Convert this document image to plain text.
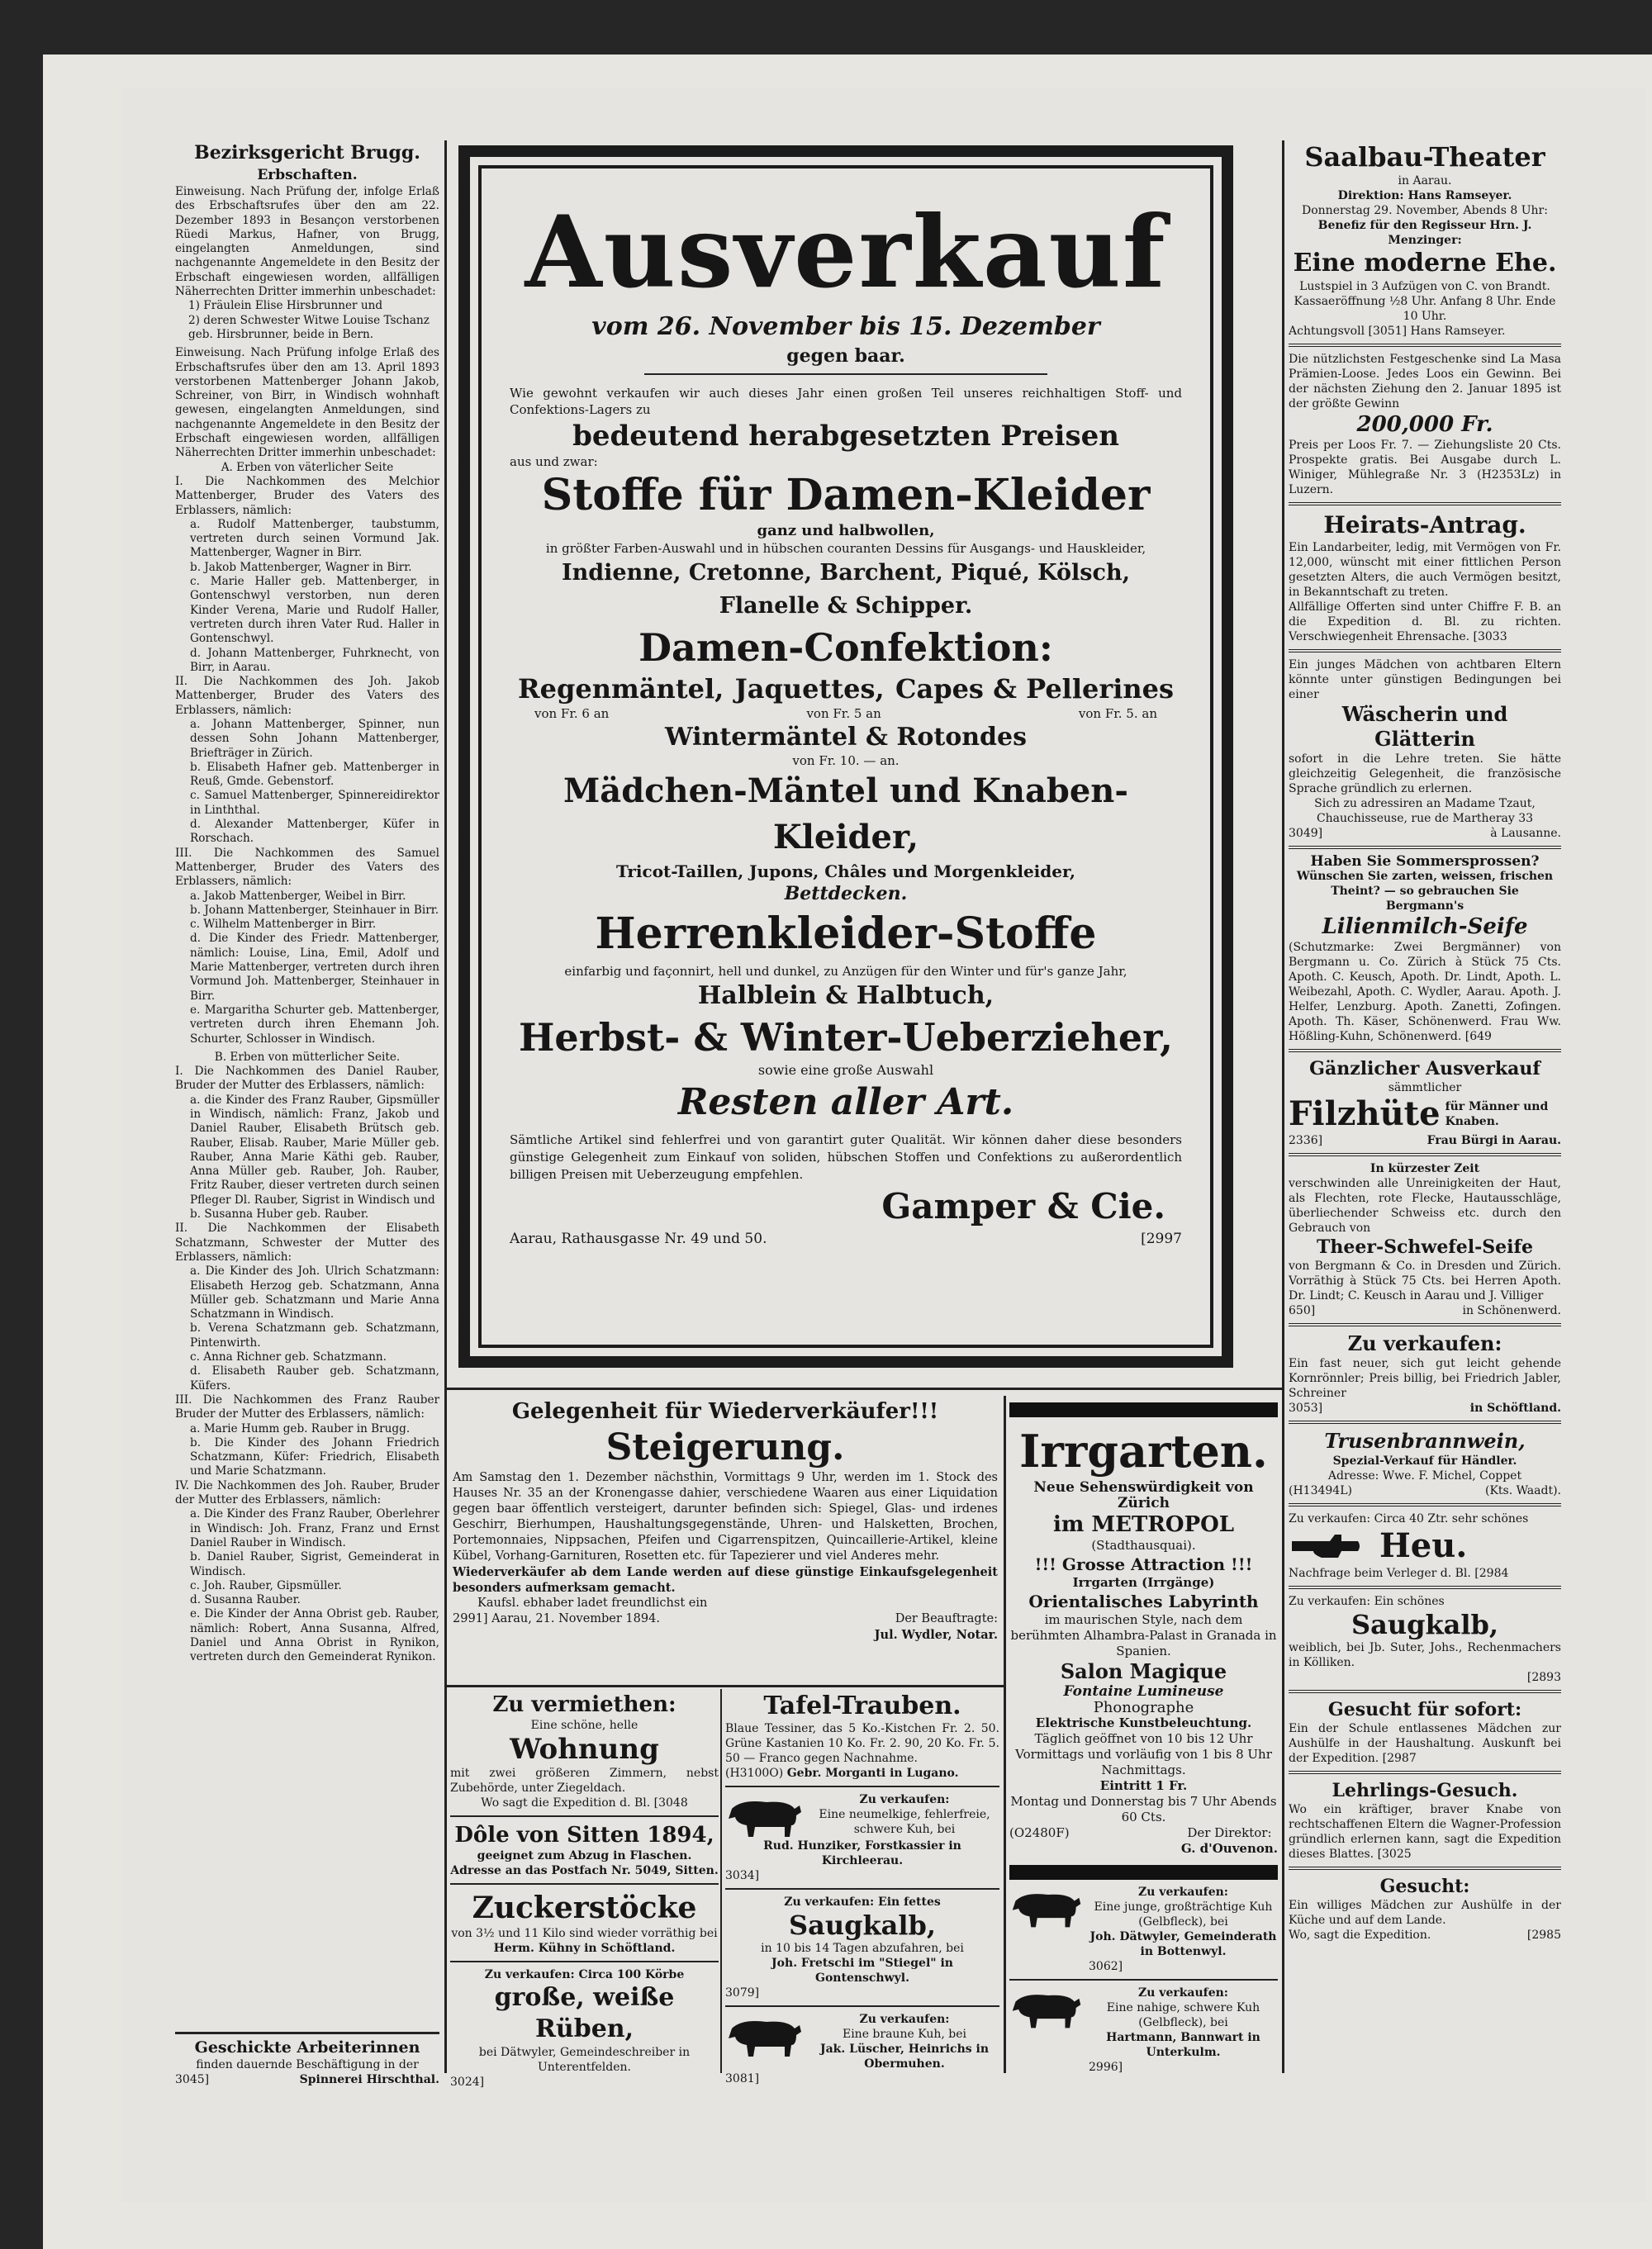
Bezirksgericht Brugg.
Erbschaften.

Einweisung. Nach Prüfung der, infolge Erlaß des Erbschaftsrufes über den am 22. Dezember 1893 in Besançon verstorbenen Rüedi Markus, Hafner, von Brugg, eingelangten Anmeldungen, sind nachgenannte Angemeldete in den Besitz der Erbschaft eingewiesen worden, allfälligen Näherrechten Dritter immerhin unbeschadet:

1) Fräulein Elise Hirsbrunner und

2) deren Schwester Witwe Louise Tschanz geb. Hirsbrunner, beide in Bern.

Einweisung. Nach Prüfung infolge Erlaß des Erbschaftsrufes über den am 13. April 1893 verstorbenen Mattenberger Johann Jakob, Schreiner, von Birr, in Windisch wohnhaft gewesen, eingelangten Anmeldungen, sind nachgenannte Angemeldete in den Besitz der Erbschaft eingewiesen worden, allfälligen Näherrechten Dritter immerhin unbeschadet:

A. Erben von väterlicher Seite

I. Die Nachkommen des Melchior Mattenberger, Bruder des Vaters des Erblassers, nämlich:

a. Rudolf Mattenberger, taubstumm, vertreten durch seinen Vormund Jak. Mattenberger, Wagner in Birr.

b. Jakob Mattenberger, Wagner in Birr.

c. Marie Haller geb. Mattenberger, in Gontenschwyl verstorben, nun deren Kinder Verena, Marie und Rudolf Haller, vertreten durch ihren Vater Rud. Haller in Gontenschwyl.

d. Johann Mattenberger, Fuhrknecht, von Birr, in Aarau.

II. Die Nachkommen des Joh. Jakob Mattenberger, Bruder des Vaters des Erblassers, nämlich:

a. Johann Mattenberger, Spinner, nun dessen Sohn Johann Mattenberger, Briefträger in Zürich.

b. Elisabeth Hafner geb. Mattenberger in Reuß, Gmde. Gebenstorf.

c. Samuel Mattenberger, Spinnereidirektor in Linththal.

d. Alexander Mattenberger, Küfer in Rorschach.

III. Die Nachkommen des Samuel Mattenberger, Bruder des Vaters des Erblassers, nämlich:

a. Jakob Mattenberger, Weibel in Birr.

b. Johann Mattenberger, Steinhauer in Birr.

c. Wilhelm Mattenberger in Birr.

d. Die Kinder des Friedr. Mattenberger, nämlich: Louise, Lina, Emil, Adolf und Marie Mattenberger, vertreten durch ihren Vormund Joh. Mattenberger, Steinhauer in Birr.

e. Margaritha Schurter geb. Mattenberger, vertreten durch ihren Ehemann Joh. Schurter, Schlosser in Windisch.

B. Erben von mütterlicher Seite.

I. Die Nachkommen des Daniel Rauber, Bruder der Mutter des Erblassers, nämlich:

a. die Kinder des Franz Rauber, Gipsmüller in Windisch, nämlich: Franz, Jakob und Daniel Rauber, Elisabeth Brütsch geb. Rauber, Elisab. Rauber, Marie Müller geb. Rauber, Anna Marie Käthi geb. Rauber, Anna Müller geb. Rauber, Joh. Rauber, Fritz Rauber, dieser vertreten durch seinen Pfleger Dl. Rauber, Sigrist in Windisch und

b. Susanna Huber geb. Rauber.

II. Die Nachkommen der Elisabeth Schatzmann, Schwester der Mutter des Erblassers, nämlich:

a. Die Kinder des Joh. Ulrich Schatzmann: Elisabeth Herzog geb. Schatzmann, Anna Müller geb. Schatzmann und Marie Anna Schatzmann in Windisch.

b. Verena Schatzmann geb. Schatzmann, Pintenwirth.

c. Anna Richner geb. Schatzmann.

d. Elisabeth Rauber geb. Schatzmann, Küfers.

III. Die Nachkommen des Franz Rauber Bruder der Mutter des Erblassers, nämlich:

a. Marie Humm geb. Rauber in Brugg.

b. Die Kinder des Johann Friedrich Schatzmann, Küfer: Friedrich, Elisabeth und Marie Schatzmann.

IV. Die Nachkommen des Joh. Rauber, Bruder der Mutter des Erblassers, nämlich:

a. Die Kinder des Franz Rauber, Oberlehrer in Windisch: Joh. Franz, Franz und Ernst Daniel Rauber in Windisch.

b. Daniel Rauber, Sigrist, Gemeinderat in Windisch.

c. Joh. Rauber, Gipsmüller.

d. Susanna Rauber.

e. Die Kinder der Anna Obrist geb. Rauber, nämlich: Robert, Anna Susanna, Alfred, Daniel und Anna Obrist in Rynikon, vertreten durch den Gemeinderat Rynikon.

Geschickte Arbeiterinnen

finden dauernde Beschäftigung in der

3045]	Spinnerei Hirschthal.

Ausverkauf
vom 26. November bis 15. Dezember
gegen baar.

Wie gewohnt verkaufen wir auch dieses Jahr einen großen Teil unseres reichhaltigen Stoff- und Confektions-Lagers zu

bedeutend herabgesetzten Preisen

aus und zwar:

Stoffe für Damen-Kleider
ganz und halbwollen,

in größter Farben-Auswahl und in hübschen couranten Dessins für Ausgangs- und Hauskleider,

Indienne, Cretonne, Barchent, Piqué, Kölsch, Flanelle & Schipper.
Damen-Confektion:
Regenmäntel, Jaquettes, Capes & Pellerines
von Fr. 6 an	von Fr. 5 an	von Fr. 5. an
Wintermäntel & Rotondes

von Fr. 10. — an.

Mädchen-Mäntel und Knaben-Kleider,
Tricot-Taillen, Jupons, Châles und Morgenkleider,
Bettdecken.
Herrenkleider-Stoffe

einfarbig und façonnirt, hell und dunkel, zu Anzügen für den Winter und für's ganze Jahr,

Halblein & Halbtuch,
Herbst- & Winter-Ueberzieher,

sowie eine große Auswahl

Resten aller Art.

Sämtliche Artikel sind fehlerfrei und von garantirt guter Qualität. Wir können daher diese besonders günstige Gelegenheit zum Einkauf von soliden, hübschen Stoffen und Confektions zu außerordentlich billigen Preisen mit Ueberzeugung empfehlen.

Gamper & Cie.
Aarau, Rathausgasse Nr. 49 und 50.	[2997
Gelegenheit für Wiederverkäufer!!!
Steigerung.

Am Samstag den 1. Dezember nächsthin, Vormittags 9 Uhr, werden im 1. Stock des Hauses Nr. 35 an der Kronengasse dahier, verschiedene Waaren aus einer Liquidation gegen baar öffentlich versteigert, darunter befinden sich: Spiegel, Glas- und irdenes Geschirr, Bierhumpen, Haushaltungsgegenstände, Uhren- und Halsketten, Brochen, Portemonnaies, Nippsachen, Pfeifen und Cigarrenspitzen, Quincailleriе-Artikel, kleine Kübel, Vorhang-Garnituren, Rosetten etc. für Tapezierer und viel Anderes mehr.

Wiederverkäufer ab dem Lande werden auf diese günstige Einkaufsgelegenheit besonders aufmerksam gemacht.

Kaufsl. ebhaber ladet freundlichst ein

2991] Aarau, 21. November 1894.	Der Beauftragte:
Jul. Wydler, Notar.
Zu vermiethen:

Eine schöne, helle

Wohnung

mit zwei größeren Zimmern, nebst Zubehörde, unter Ziegeldach.

Wo sagt die Expedition d. Bl. [3048

Dôle von Sitten 1894,

geeignet zum Abzug in Flaschen.

Adresse an das Postfach Nr. 5049, Sitten.

Zuckerstöcke

von 3½ und 11 Kilo sind wieder vorräthig bei

Herm. Kühny in Schöftland.

Zu verkaufen: Circa 100 Körbe

große, weiße Rüben,

bei Dätwyler, Gemeindeschreiber in Unterentfelden.

3024]

Tafel-Trauben.

Blaue Tessiner, das 5 Ko.-Kistchen Fr. 2. 50. Grüne Kastanien 10 Ko. Fr. 2. 90, 20 Ko. Fr. 5. 50 — Franco gegen Nachnahme.

(H3100O) Gebr. Morganti in Lugano.

Zu verkaufen:

Eine neumelkige, fehlerfreie, schwere Kuh, bei

Rud. Hunziker, Forstkassier in Kirchleerau.

3034]

Zu verkaufen: Ein fettes

Saugkalb,

in 10 bis 14 Tagen abzufahren, bei

Joh. Fretschi im "Stiegel" in Gontenschwyl.

3079]

Zu verkaufen:

Eine braune Kuh, bei

Jak. Lüscher, Heinrichs in Obermuhen.

3081]

Irrgarten.

Neue Sehenswürdigkeit von Zürich

im METROPOL

(Stadthausquai).

!!! Grosse Attraction !!!

Irrgarten (Irrgänge)

Orientalisches Labyrinth

im maurischen Style, nach dem berühmten Alhambra-Palast in Granada in Spanien.

Salon Magique

Fontaine Lumineuse

Phonographe

Elektrische Kunstbeleuchtung.

Täglich geöffnet von 10 bis 12 Uhr Vormittags und vorläufig von 1 bis 8 Uhr Nachmittags.

Eintritt 1 Fr.

Montag und Donnerstag bis 7 Uhr Abends 60 Cts.

(O2480F)	Der Direktor:
G. d'Ouvenon.

Zu verkaufen:

Eine junge, großträchtige Kuh (Gelbfleck), bei

Joh. Dätwyler, Gemeinderath in Bottenwyl.

3062]

Zu verkaufen:

Eine nahige, schwere Kuh (Gelbfleck), bei

Hartmann, Bannwart in Unterkulm.

2996]

Saalbau-Theater

in Aarau.

Direktion: Hans Ramseyer.

Donnerstag 29. November, Abends 8 Uhr:

Benefiz für den Regisseur Hrn. J. Menzinger:

Eine moderne Ehe.

Lustspiel in 3 Aufzügen von C. von Brandt.

Kassaeröffnung ½8 Uhr. Anfang 8 Uhr. Ende 10 Uhr.

Achtungsvoll [3051] Hans Ramseyer.

Die nützlichsten Festgeschenke sind La Masa Prämien-Loose. Jedes Loos ein Gewinn. Bei der nächsten Ziehung den 2. Januar 1895 ist der größte Gewinn

200,000 Fr.

Preis per Loos Fr. 7. — Ziehungsliste 20 Cts. Prospekte gratis. Bei Ausgabe durch L. Winiger, Mühlegraße Nr. 3 (H2353Lz) in Luzern.

Heirats-Antrag.

Ein Landarbeiter, ledig, mit Vermögen von Fr. 12,000, wünscht mit einer fittlichen Person gesetzten Alters, die auch Vermögen besitzt, in Bekanntschaft zu treten.

Allfällige Offerten sind unter Chiffre F. B. an die Expedition d. Bl. zu richten. Verschwiegenheit Ehrensache. [3033

Ein junges Mädchen von achtbaren Eltern könnte unter günstigen Bedingungen bei einer

Wäscherin und Glätterin

sofort in die Lehre treten. Sie hätte gleichzeitig Gelegenheit, die französische Sprache gründlich zu erlernen.

Sich zu adressiren an Madame Tzaut, Chauchisseuse, rue de Martheray 33

3049]	à Lausanne.

Haben Sie Sommersprossen?

Wünschen Sie zarten, weissen, frischen Theint? — so gebrauchen Sie

Bergmann's

Lilienmilch-Seife

(Schutzmarke: Zwei Bergmänner) von Bergmann u. Co. Zürich à Stück 75 Cts. Apoth. C. Keusch, Apoth. Dr. Lindt, Apoth. L. Weibezahl, Apoth. C. Wydler, Aarau. Apoth. J. Helfer, Lenzburg. Apoth. Zanetti, Zofingen. Apoth. Th. Käser, Schönenwerd. Frau Ww. Hößling-Kuhn, Schönenwerd. [649

Gänzlicher Ausverkauf

sämmtlicher

Filzhüte für Männer und Knaben.

2336]	Frau Bürgi in Aarau.

In kürzester Zeit

verschwinden alle Unreinigkeiten der Haut, als Flechten, rote Flecke, Hautausschläge, überliechender Schweiss etc. durch den Gebrauch von

Theer-Schwefel-Seife

von Bergmann & Co. in Dresden und Zürich. Vorräthig à Stück 75 Cts. bei Herren Apoth. Dr. Lindt; C. Keusch in Aarau und J. Villiger

650]	in Schönenwerd.

Zu verkaufen:

Ein fast neuer, sich gut leicht gehende Kornrönnler; Preis billig, bei Friedrich Jabler, Schreiner

3053]	in Schöftland.

Trusenbrannwein,

Spezial-Verkauf für Händler.

Adresse: Wwe. F. Michel, Coppet

(H13494L)	(Kts. Waadt).

Zu verkaufen: Circa 40 Ztr. sehr schönes

Heu.

Nachfrage beim Verleger d. Bl. [2984

Zu verkaufen: Ein schönes

Saugkalb,

weiblich, bei Jb. Suter, Johs., Rechenmachers in Kölliken.

[2893

Gesucht für sofort:

Ein der Schule entlassenes Mädchen zur Aushülfe in der Haushaltung. Auskunft bei der Expedition. [2987

Lehrlings-Gesuch.

Wo ein kräftiger, braver Knabe von rechtschaffenen Eltern die Wagner-Profession gründlich erlernen kann, sagt die Expedition dieses Blattes. [3025

Gesucht:

Ein williges Mädchen zur Aushülfe in der Küche und auf dem Lande.

Wo, sagt die Expedition.	[2985
